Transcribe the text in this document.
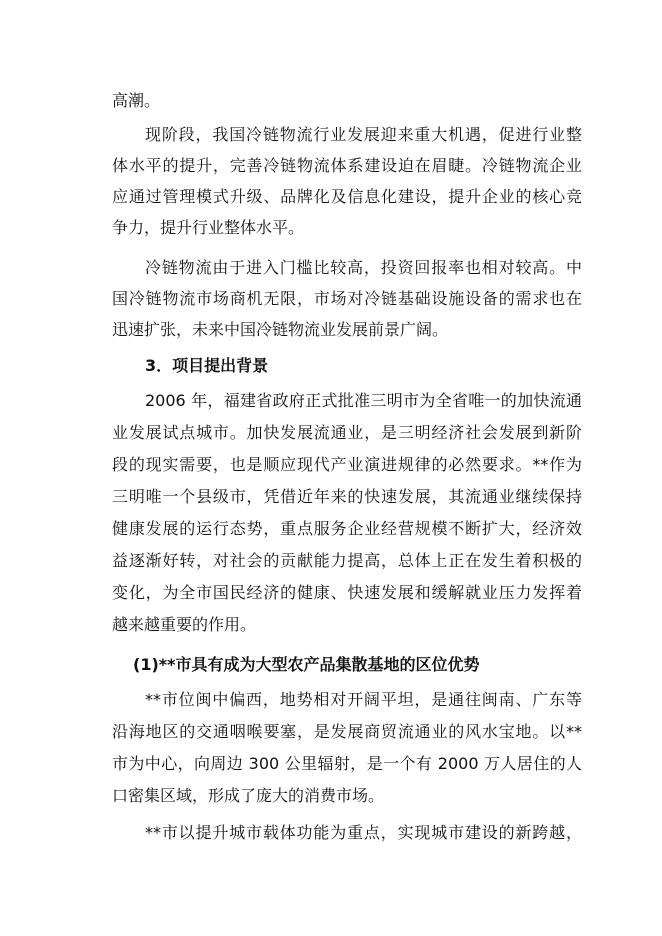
高潮。
现阶段，我国冷链物流行业发展迎来重大机遇，促进行业整
体水平的提升，完善冷链物流体系建设迫在眉睫。冷链物流企业
应通过管理模式升级、品牌化及信息化建设，提升企业的核心竞
争力，提升行业整体水平。
冷链物流由于进入门槛比较高，投资回报率也相对较高。中
国冷链物流市场商机无限，市场对冷链基础设施设备的需求也在
迅速扩张，未来中国冷链物流业发展前景广阔。
3．项目提出背景
2006 年，福建省政府正式批准三明市为全省唯一的加快流通
业发展试点城市。加快发展流通业，是三明经济社会发展到新阶
段的现实需要，也是顺应现代产业演进规律的必然要求。**作为
三明唯一个县级市，凭借近年来的快速发展，其流通业继续保持
健康发展的运行态势，重点服务企业经营规模不断扩大，经济效
益逐渐好转，对社会的贡献能力提高，总体上正在发生着积极的
变化，为全市国民经济的健康、快速发展和缓解就业压力发挥着
越来越重要的作用。
(1)**市具有成为大型农产品集散基地的区位优势
**市位闽中偏西，地势相对开阔平坦，是通往闽南、广东等
沿海地区的交通咽喉要塞，是发展商贸流通业的风水宝地。以**
市为中心，向周边 300 公里辐射，是一个有 2000 万人居住的人
口密集区域，形成了庞大的消费市场。
**市以提升城市载体功能为重点，实现城市建设的新跨越，
